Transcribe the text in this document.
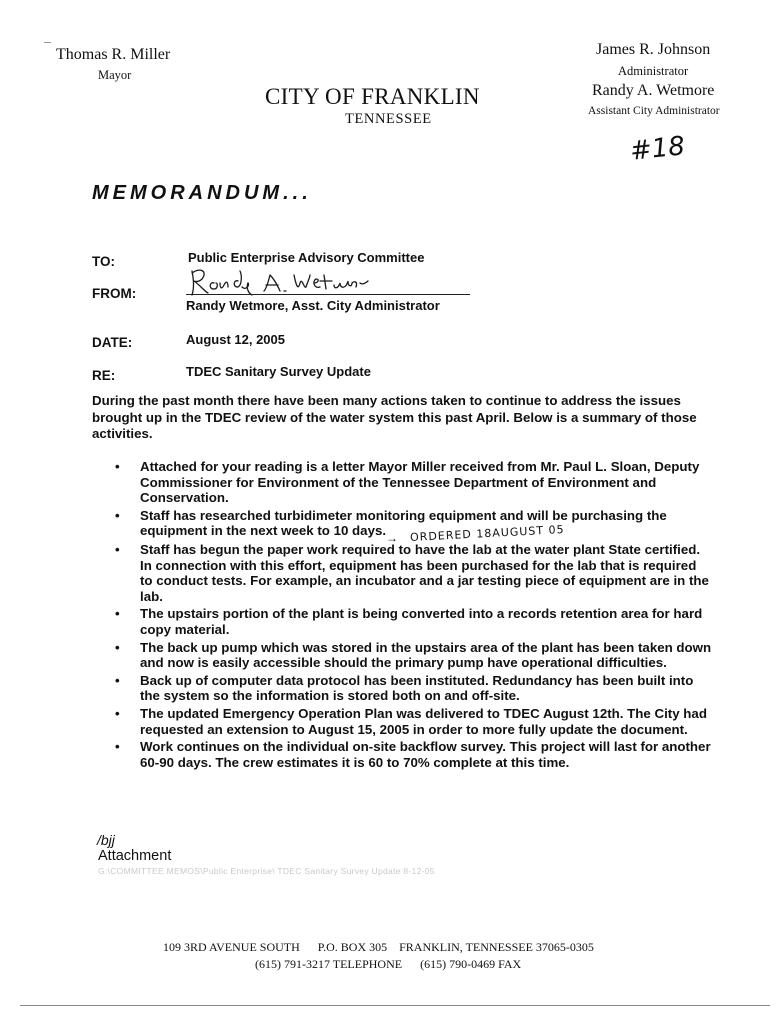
Thomas R. Miller
Mayor
CITY OF FRANKLIN
TENNESSEE
James R. Johnson
Administrator
Randy A. Wetmore
Assistant City Administrator
#18
MEMORANDUM...
TO:	Public Enterprise Advisory Committee
FROM:
Randy Wetmore, Asst. City Administrator
DATE:	August 12, 2005
RE:	TDEC Sanitary Survey Update
During the past month there have been many actions taken to continue to address the issues brought up in the TDEC review of the water system this past April. Below is a summary of those activities.
• Attached for your reading is a letter Mayor Miller received from Mr. Paul L. Sloan, Deputy Commissioner for Environment of the Tennessee Department of Environment and Conservation.
• Staff has researched turbidimeter monitoring equipment and will be purchasing the equipment in the next week to 10 days.
• Staff has begun the paper work required to have the lab at the water plant State certified. In connection with this effort, equipment has been purchased for the lab that is required to conduct tests. For example, an incubator and a jar testing piece of equipment are in the lab.
• The upstairs portion of the plant is being converted into a records retention area for hard copy material.
• The back up pump which was stored in the upstairs area of the plant has been taken down and now is easily accessible should the primary pump have operational difficulties.
• Back up of computer data protocol has been instituted. Redundancy has been built into the system so the information is stored both on and off-site.
• The updated Emergency Operation Plan was delivered to TDEC August 12th. The City had requested an extension to August 15, 2005 in order to more fully update the document.
• Work continues on the individual on-site backflow survey. This project will last for another 60-90 days. The crew estimates it is 60 to 70% complete at this time.
ORDERED 18AUGUST 05
→
/bjj
Attachment
G:\COMMITTEE MEMOS\Public Enterprise\ TDEC Sanitary Survey Update 8-12-05
109 3RD AVENUE SOUTH      P.O. BOX 305    FRANKLIN, TENNESSEE 37065-0305
(615) 791-3217 TELEPHONE      (615) 790-0469 FAX
